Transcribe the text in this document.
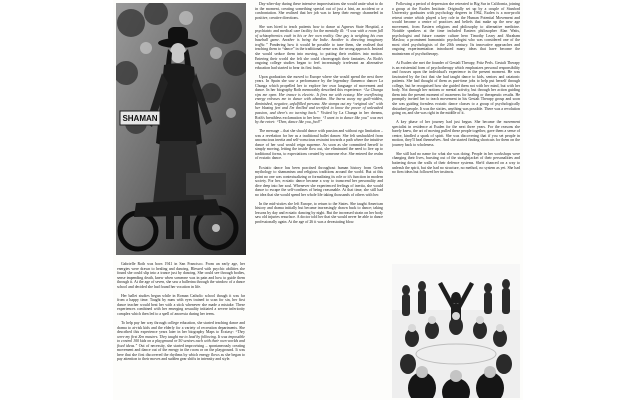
SHAMAN

Gabrielle Roth was born 1941 in San Francisco. From an early age, her energies were drawn to healing and dancing. Blessed with psychic abilities she found she could slip into a trance just by dancing. She could see through bodies, sense impending death, knew when someone was in pain and how to guide them through it. At the age of seven, she saw a ballerina through the window of a dance school and decided she had found her vocation in life.

Her ballet studies began while in Roman Catholic school though it was far from a happy time. Taught by nuns with eyes trained to scan for sin, her first dance teacher would beat her with a stick whenever she made a mistake. These experiences combined with her emerging sexuality initiated a severe inferiority complex which then led to a spell of anorexia during her teens.

To help pay her way through college education, she started teaching dance and drama to at-risk kids and the elderly for a variety of recreation departments. She described this experience years later in her biography Maps to Ecstasy: “They were my first Zen masters. They taught me to lead by following. It was impossible to control 100 kids on a playground or 50 seniors each with their own worlds and fixed ideas.” Out of necessity, she started improvising – spontaneously creating movement and dance out of the energy in the room or on the playground. It was here that she first discovered the rhythms by which energy flows as she began to pay attention to their moves and sudden gear shifts in intensity and style.

Day-after-day during these intensive improvisations she would untie what to do in the moment, creating something special out of just a hint, an accident or a confrontation. She realised that her job was to keep their energy channeled in positive, creative directions.

She was hired to teach patients how to dance at Agnews State Hospital, a psychiatric and medical care facility for the mentally ill: “I was with a room full of schizophrenics each in his or her own reality. One guy is weighing his own baseball game. Another is being the Indie. Another is directing imaginary traffic.” Pondering how it would be possible to tune them, she realised that teaching them to “dance” in the traditional sense was the wrong approach. Instead she would seduce them into moving, to putting their realities into motion. Entering their world she felt she could choreograph their fantasies. As Roth's ongoing college studies began to feel increasingly irrelevant an alternative education had started to bear its first fruits.

Upon graduation she moved to Europe where she would spend the next three years. In Spain she saw a performance by the legendary flamenco dancer La Chunga which propelled her to explore her own language of movement and dance. In her biography Roth memorably described this experience: “La Chunga rips me open. Her trance is electric. It fires me with ecstasy. Her overflowing energy releases me to dance with abandon. She burns away my guilt-ridden, diminished, negative, unfulfilled persona. She stomps out my “original sin” with her blazing feet and I'm thrilled and terrified to know the power of unleashed passion, and there's no turning back.” Visited by La Chunga in her dreams, Roth's breathless exclamation to her hero: “I want to to dance like you” was met by the retort: “Then, dance like you, fool!”

The message – that she should dance with passion and without ego limitation – was a revelation for her as a traditional ballet dancer. She felt unshackled from unconscious inertia and self-conscious restraint towards a path where the intuitive dance of her soul would reign supreme. As soon as she committed herself to simply moving, letting the inside flow out, she eliminated the need to live up to traditional forms, to expectations created by someone else. She entered the realm of ecstatic dance.

Ecstatic dance has been practised throughout human history from Greek mythology to shamanism and religious traditions around the world. But at this point no one was contextualizing or formalizing its role or it's function in modern society. For her, ecstatic dance became a way to transcend her personality and dive deep into her soul. Whenever she experienced feelings of inertia, she would dance to escape the self-confines of being reasonable. At that time, she still had no idea that she would spend her whole life taking thousands of others with her.

In the mid-sixties she left Europe, to return to the States. She taught American history and drama initially but became increasingly drawn back to dance; taking lessons by day and ecstatic dancing by night. But the increased strain on her body saw old injuries resurface. A doctor told her that she would never be able to dance professionally again. At the age of 26 it was a devastating blow.

Following a period of depression she retreated to Big Sur in California, joining a group at the Esalen Institute. Originally set up by a couple of Stanford University graduates with psychology degrees in 1962, Esalen is a non-profit retreat centre which played a key role in the Human Potential Movement and would become a centre of practices and beliefs that make up the new age movement, from Eastern religions and philosophy to alternative medicine. Notable speakers at the time included Eastern philosopher Alan Watts, psychologist and future counter culture hero Timothy Leary and Abraham Maslow, a prominent humanistic psychologist who was considered one of the most cited psychologists of the 20th century. Its innovative approaches and ongoing experimentation introduced many ideas that have become the mainstream of psychotherapy.

At Esalen she met the founder of Gestalt Therapy, Fritz Perls. Gestalt Therapy is an existential form of psychotherapy which emphasizes personal responsibility and focuses upon the individual's experience in the present moment. He was fascinated by the fact that she had taught dance to kids, seniors and catatonic patients. She had thought of them as part-time jobs to help put herself through college, but he recognised how she guided them not with her mind, but with her body. Not through her notions or mental activity, but through her action guiding them into the present moment of awareness for healing or therapeutic results. He promptly invited her to teach movement in his Gestalt Therapy group and soon she was guiding formless ecstatic dance classes to a group of psychologically disturbed people. It was the sixties, anything was possible. There was a revolution going on, and she was right in the middle of it.

A key phase of her journey had just begun. She became the movement specialist in residence at Esalen for the next three years. For the reasons she barely knew, the art of moving pulled these people together, gave them a sense of centre, kindled a spark of spirit. She was discovering that if you set people in motion, they'll heal themselves. And she started finding shortcuts for them on the journey back to wholeness.

She still had no name for what she was doing. People in her workshops were changing their lives, bursting out of the straightjacket of their personalities and battering down the walls of their defence systems. She'd chanced on a way to unleash the spirit, but she had no structure, no method, no system as yet. She had no firm ideas but followed her instincts.
